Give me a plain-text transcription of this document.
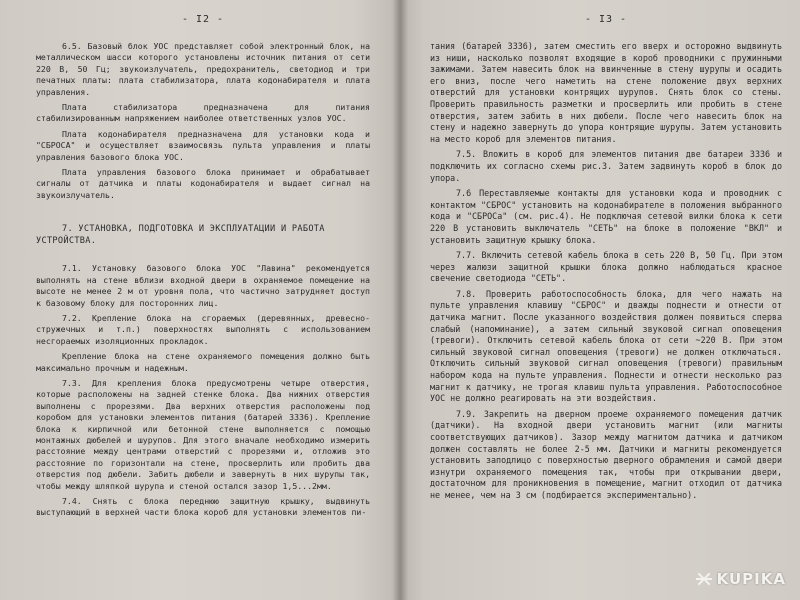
- I2 -

6.5. Базовый блок УОС представляет собой электронный блок, на металлическом шасси которого установлены источник питания от сети 220 В, 50 Гц; звукоизлучатель, предохранитель, светодиод и три печатных платы: плата стабилизатора, плата кодонабирателя и плата управления.

Плата стабилизатора предназначена для питания стабилизированным напряжением наиболее ответственных узлов УОС.

Плата кодонабирателя предназначена для установки кода и "СБРОСА" и осуществляет взаимосвязь пульта управления и платы управления базового блока УОС.

Плата управления базового блока принимает и обрабатывает сигналы от датчика и платы кодонабирателя и выдает сигнал на звукоизлучатель.

7. УСТАНОВКА, ПОДГОТОВКА И ЭКСПЛУАТАЦИИ И РАБОТА УСТРОЙСТВА.

7.1. Установку базового блока УОС "Лавина" рекомендуется выполнять на стене вблизи входной двери в охраняемое помещение на высоте не менее 2 м от уровня пола, что частично затрудняет доступ к базовому блоку для посторонних лиц.

7.2. Крепление блока на сгораемых (деревянных, древесно-стружечных и т.п.) поверхностях выполнять с использованием несгораемых изоляционных прокладок.

Крепление блока на стене охраняемого помещения должно быть максимально прочным и надежным.

7.3. Для крепления блока предусмотрены четыре отверстия, которые расположены на задней стенке блока. Два нижних отверстия выполнены с прорезями. Два верхних отверстия расположены под коробом для установки элементов питания (батарей 3336). Крепление блока к кирпичной или бетонной стене выполняется с помощью монтажных дюбелей и шурупов. Для этого вначале необходимо измерить расстояние между центрами отверстий с прорезями и, отложив это расстояние по горизонтали на стене, просверлить или пробить два отверстия под дюбели. Забить дюбели и завернуть в них шурупы так, чтобы между шляпкой шурупа и стеной остался зазор 1,5...2мм.

7.4. Снять с блока переднюю защитную крышку, выдвинуть выступающий в верхней части блока короб для установки элементов пи-

- I3 -

тания (батарей 3336), затем сместить его вверх и осторожно выдвинуть из ниши, насколько позволят входящие в короб проводники с пружинными зажимами. Затем навесить блок на ввинченные в стену шурупы и осадить его вниз, после чего наметить на стене положение двух верхних отверстий для установки контрящих шурупов. Снять блок со стены. Проверить правильность разметки и просверлить или пробить в стене отверстия, затем забить в них дюбели. После чего навесить блок на стену и надежно завернуть до упора контрящие шурупы. Затем установить на место короб для элементов питания.

7.5. Вложить в короб для элементов питания две батареи 3336 и подключить их согласно схемы рис.3. Затем задвинуть короб в блок до упора.

7.6 Переставляемые контакты для установки кода и проводник с контактом "СБРОС" установить на кодонабирателе в положения выбранного кода и "СБРОСа" (см. рис.4). Не подключая сетевой вилки блока к сети 220 В установить выключатель "СЕТЬ" на блоке в положение "ВКЛ" и установить защитную крышку блока.

7.7. Включить сетевой кабель блока в сеть 220 В, 50 Гц. При этом через жалюзи защитной крышки блока должно наблюдаться красное свечение светодиода "СЕТЬ".

7.8. Проверить работоспособность блока, для чего нажать на пульте управления клавишу "СБРОС" и дважды поднести и отнести от датчика магнит. После указанного воздействия должен появиться сперва слабый (напоминание), а затем сильный звуковой сигнал оповещения (тревоги). Отключить сетевой кабель блока от сети ~220 В. При этом сильный звуковой сигнал оповещения (тревоги) не должен отключаться. Отключить сильный звуковой сигнал оповещения (тревоги) правильным набором кода на пульте управления. Поднести и отнести несколько раз магнит к датчику, не трогая клавиш пульта управления. Работоспособное УОС не должно реагировать на эти воздействия.

7.9. Закрепить на дверном проеме охраняемого помещения датчик (датчики). На входной двери установить магнит (или магниты соответствующих датчиков). Зазор между магнитом датчика и датчиком должен составлять не более 2-5 мм. Датчики и магниты рекомендуется установить заподлицо с поверхностью дверного обрамления и самой двери изнутри охраняемого помещения так, чтобы при открывании двери, достаточном для проникновения в помещение, магнит отходил от датчика не менее, чем на 3 см (подбирается экспериментально).

KUPIKA
